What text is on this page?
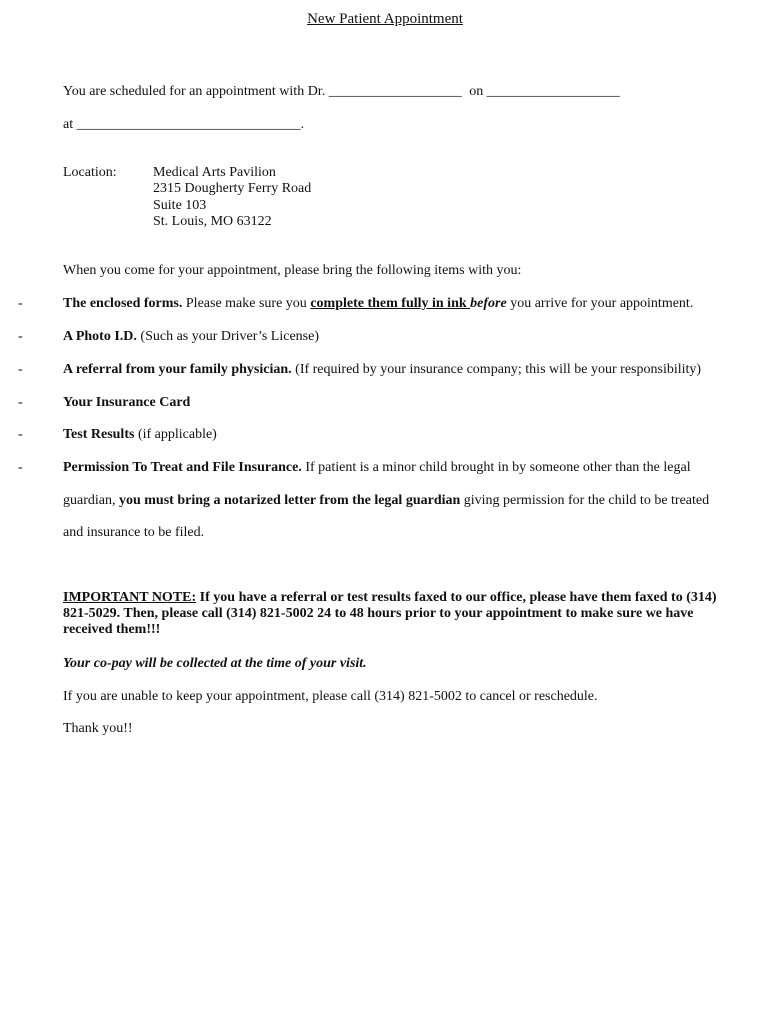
New Patient Appointment
You are scheduled for an appointment with Dr. ___________________ on ___________________
at ________________________________.
Location:	Medical Arts Pavilion
2315 Dougherty Ferry Road
Suite 103
St. Louis, MO 63122
When you come for your appointment, please bring the following items with you:
-	The enclosed forms. Please make sure you complete them fully in ink before you arrive for your appointment.
-	A Photo I.D. (Such as your Driver’s License)
-	A referral from your family physician. (If required by your insurance company; this will be your responsibility)
-	Your Insurance Card
-	Test Results (if applicable)
-	Permission To Treat and File Insurance. If patient is a minor child brought in by someone other than the legal
guardian, you must bring a notarized letter from the legal guardian giving permission for the child to be treated
and insurance to be filed.
IMPORTANT NOTE: If you have a referral or test results faxed to our office, please have them faxed to (314) 821-5029. Then, please call (314) 821-5002 24 to 48 hours prior to your appointment to make sure we have received them!!!
Your co-pay will be collected at the time of your visit.
If you are unable to keep your appointment, please call (314) 821-5002 to cancel or reschedule.
Thank you!!
